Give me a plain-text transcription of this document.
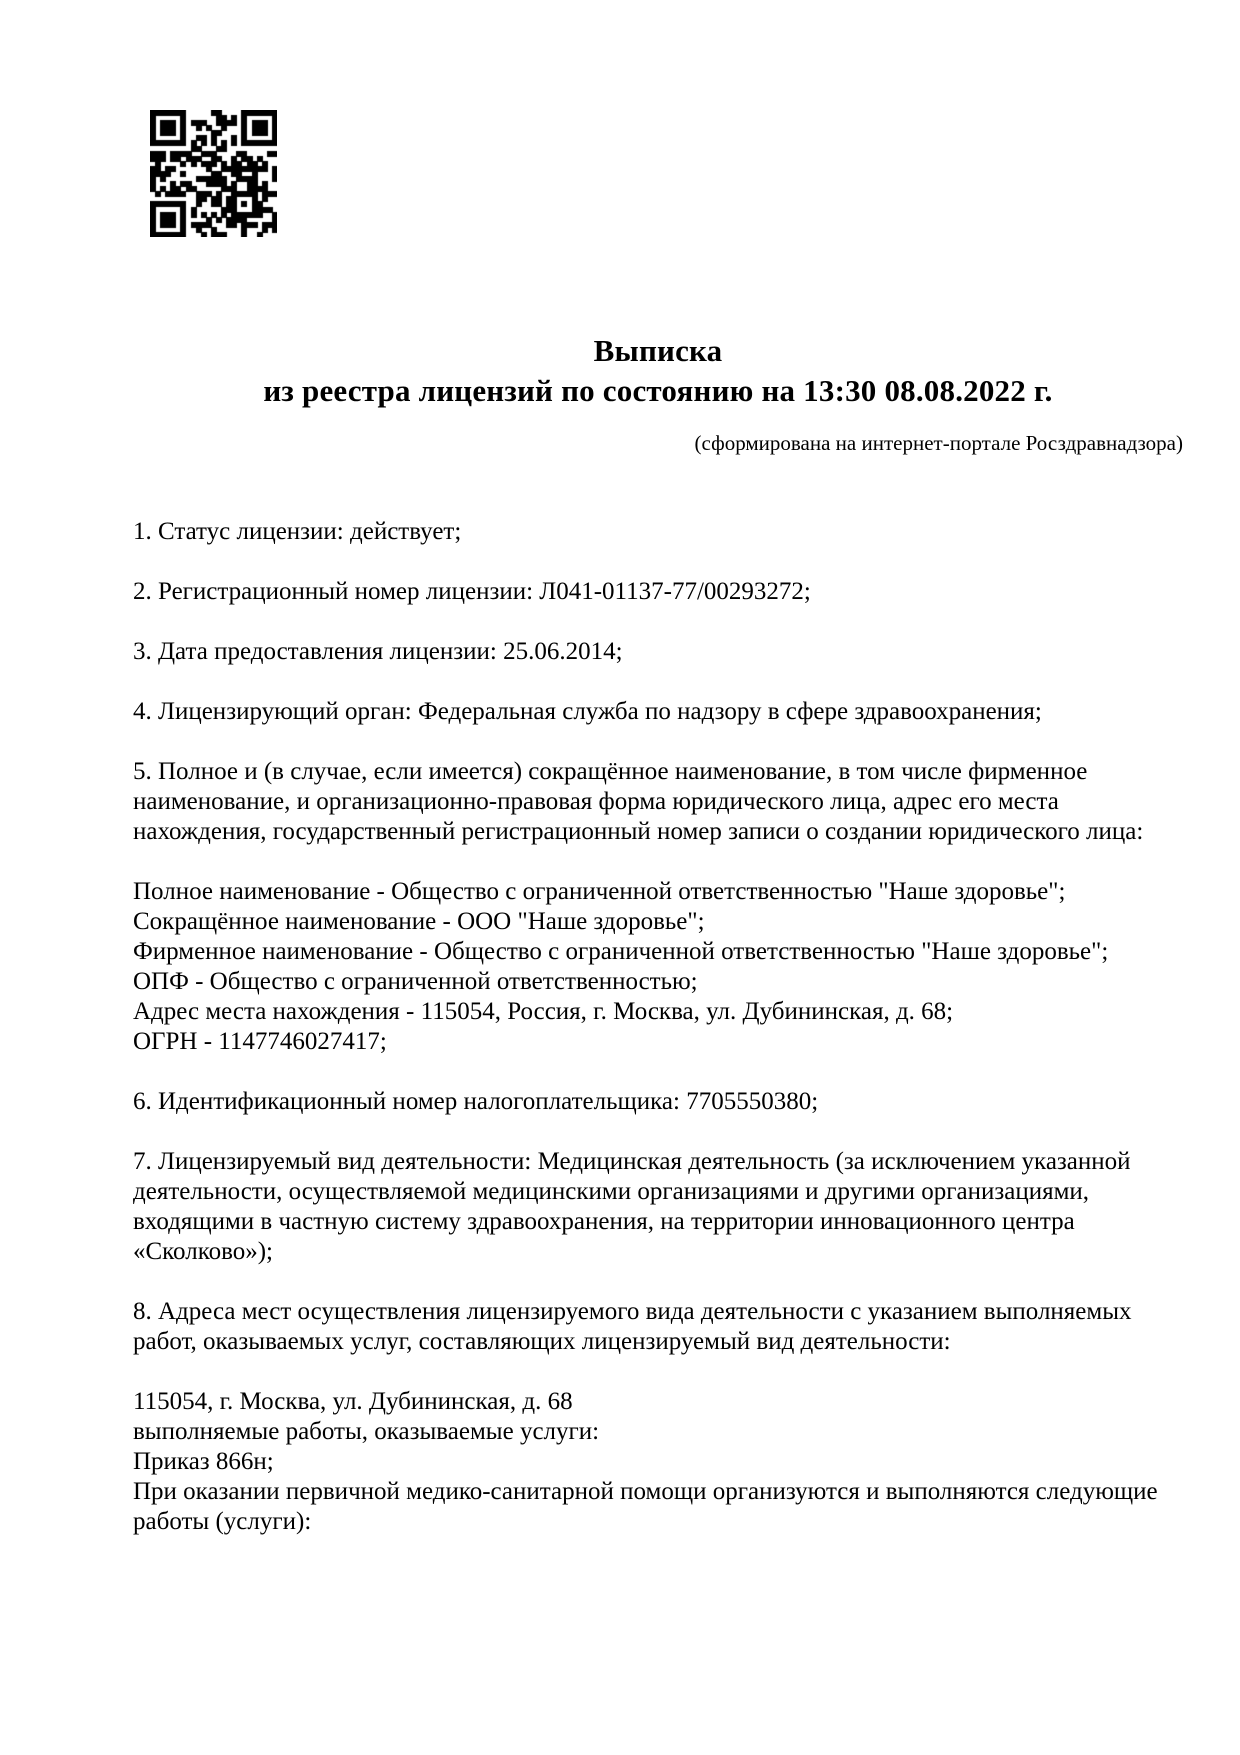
Выписка
из реестра лицензий по состоянию на 13:30 08.08.2022 г.
(сформирована на интернет-портале Росздравнадзора)
1. Статус лицензии: действует;
2. Регистрационный номер лицензии: Л041-01137-77/00293272;
3. Дата предоставления лицензии: 25.06.2014;
4. Лицензирующий орган: Федеральная служба по надзору в сфере здравоохранения;
5. Полное и (в случае, если имеется) сокращённое наименование, в том числе фирменное наименование, и организационно-правовая форма юридического лица, адрес его места нахождения, государственный регистрационный номер записи о создании юридического лица:
Полное наименование - Общество с ограниченной ответственностью "Наше здоровье";
Сокращённое наименование - ООО "Наше здоровье";
Фирменное наименование - Общество с ограниченной ответственностью "Наше здоровье";
ОПФ - Общество с ограниченной ответственностью;
Адрес места нахождения - 115054, Россия, г. Москва, ул. Дубининская, д. 68;
ОГРН - 1147746027417;
6. Идентификационный номер налогоплательщика: 7705550380;
7. Лицензируемый вид деятельности: Медицинская деятельность (за исключением указанной деятельности, осуществляемой медицинскими организациями и другими организациями, входящими в частную систему здравоохранения, на территории инновационного центра «Сколково»);
8. Адреса мест осуществления лицензируемого вида деятельности с указанием выполняемых работ, оказываемых услуг, составляющих лицензируемый вид деятельности:
115054, г. Москва, ул. Дубининская, д. 68
выполняемые работы, оказываемые услуги:
Приказ 866н;
При оказании первичной медико-санитарной помощи организуются и выполняются следующие работы (услуги):
